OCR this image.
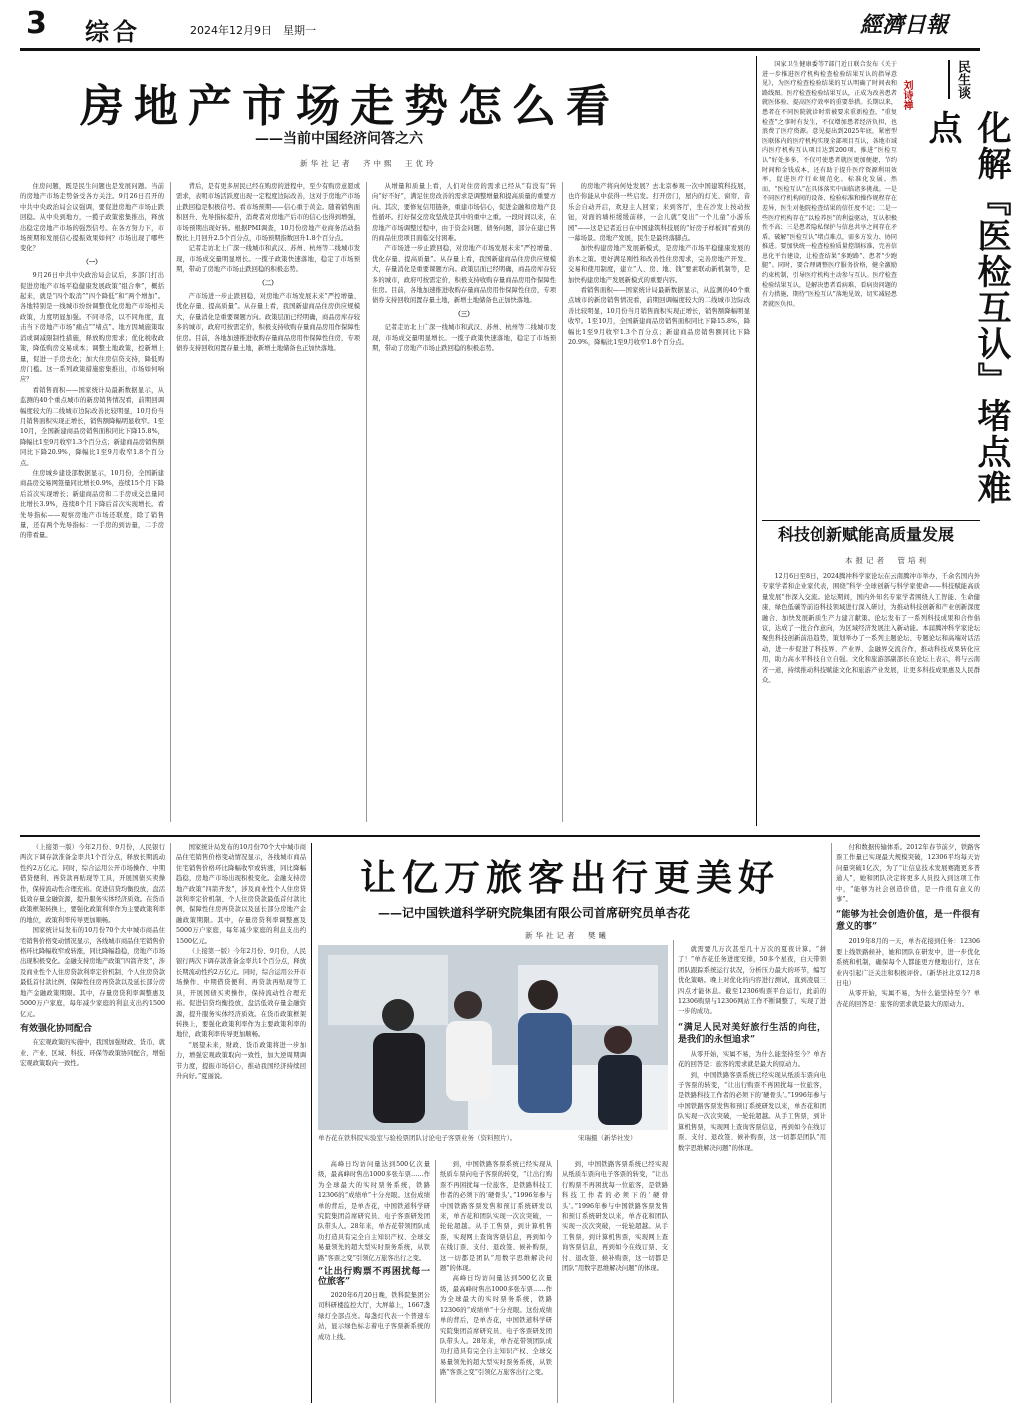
3 综合	2024年12月9日　星期一	經濟日報
房地产市场走势怎么看
——当前中国经济问答之六
新华社记者　齐中熙　王优玲

住房问题，既是民生问题也是发展问题。当前的房地产市场走势备受各方关注。9月26日召开的中共中央政治局会议强调，要促进房地产市场止跌回稳。从中央到地方，一揽子政策密集推出，释放出稳定房地产市场的强烈信号。在各方努力下，市场预期和发展信心提振效果如何？市场出现了哪些变化？

（一）

9月26日中共中央政治局会议后，多部门打出促进房地产市场平稳健康发展政策“组合拳”，概括起来，就是“四个取消”“四个降低”和“两个增加”。各地特别是一线城市纷纷调整优化房地产市场相关政策，力度明显加强。不同寻常，以不同角度，直击当下房地产市场“痛点”“堵点”。地方因城施策取消或调减限制性措施，释放购房需求；优化税收政策，降低购房交易成本；调整土地政策，控新增上量，促进一手房去化；加大住房信贷支持，降低购房门槛。这一系列政策措施密集推出，市场如何响应？

看销售面积——国家统计局最新数据显示，从监测的40个重点城市的新房销售情况看，前期回调幅度较大的二线城市边际改善比较明显，10月份当月销售面积实现正增长，销售额降幅明显收窄。1至10月，全国新建商品房销售面积同比下降15.8%，降幅比1至9月收窄1.3个百分点；新建商品房销售额同比下降20.9%，降幅比1至9月收窄1.8个百分点。

住房城乡建设部数据显示，10月份，全国新建商品房交易网签量同比增长0.9%，连续15个月下降后首次实现增长；新建商品房和二手房成交总量同比增长3.9%，连续8个月下降后首次实现增长。看先导指标——观察房地产市场还联度，除了销售量，还有两个先导指标：一手房的到访量，二手房的带看量。

背后，是有更多居民已经在购房的进程中，至少有购房意愿或需求，表明市场活跃度出现一定程度边际改善，这对于房地产市场止跌回稳是积极信号。看市场预期——信心重于黄金。随着销售面积回升、先导指标提升，消费者对房地产后市的信心也得到增强，市场预期出现好转。根据PMI调查，10月份房地产业商务活动指数比上月回升2.5个百分点，市场预期指数回升1.8个百分点。

记者走访北上广深一线城市和武汉、苏州、杭州等二线城市发现，市场成交量明显增长。一揽子政策快速落地，稳定了市场预期，带动了房地产市场止跌回稳的积极态势。

（二）

产市场进一步止跌回稳，对房地产市场发展未来“严控增量、优化存量、提高质量”。从存量上看，我国新建商品住房供应规模大，存量消化是重要课题方向。政策层面已经明确，商品房库存较多的城市，政府可按需定价，积极支持收购存量商品房用作保障性住房。目前，各地加速推进收购存量商品房用作保障性住房，专项债券支持回收闲置存量土地，新增土地储备也正加快落地。

从增量和质量上看，人们对住房的需求已经从“有没有”转向“好不好”，满足住房改善的需求是调整增量和提高质量的重要方向。其次，要修复信用链条，重建市场信心，促进金融和房地产良性循环。打好保交房攻坚战是其中的重中之重。一段时间以来，在房地产市场调整过程中，由于资金问题、债务问题，部分在建已售的商品住房项目面临交付困难。

产市场进一步止跌回稳，对房地产市场发展未来“严控增量、优化存量、提高质量”。从存量上看，我国新建商品住房供应规模大，存量消化是重要课题方向。政策层面已经明确，商品房库存较多的城市，政府可按需定价，积极支持收购存量商品房用作保障性住房。目前，各地加速推进收购存量商品房用作保障性住房，专项债券支持回收闲置存量土地，新增土地储备也正加快落地。

（三）

记者走访北上广深一线城市和武汉、苏州、杭州等二线城市发现，市场成交量明显增长。一揽子政策快速落地，稳定了市场预期，带动了房地产市场止跌回稳的积极态势。

的房地产将向何处发展？去北京参观一次中国建筑科技展，也许你能从中获得一些启发。打开房门，屋内的灯光、窗帘、音乐会自动开启，欢迎主人回家；来到客厅，坐在沙发上按动按钮，对面的墙柜缓缓前移，一会儿就“变出”一个儿童“小游乐园”——这是记者近日在中国建筑科技展的“好房子样板间”看到的一幕场景。房地产发展，民生是最终落脚点。

加快构建房地产发展新模式，是房地产市场平稳健康发展的治本之策。更好满足刚性和改善性住房需求，完善房地产开发、交易和使用制度，建立“人、房、地、钱”要素联动新机制等，是加快构建房地产发展新模式的重要内容。

看销售面积——国家统计局最新数据显示，从监测的40个重点城市的新房销售情况看，前期回调幅度较大的二线城市边际改善比较明显，10月份当月销售面积实现正增长，销售额降幅明显收窄。1至10月，全国新建商品房销售面积同比下降15.8%，降幅比1至9月收窄1.3个百分点；新建商品房销售额同比下降20.9%，降幅比1至9月收窄1.8个百分点。

国家卫生健康委等7部门近日联合发布《关于进一步推进医疗机构检查检验结果互认的指导意见》，为医疗检查检验结果的互认明确了时间表和路线图。医疗检查检验结果互认，正成为改善患者就医体验、提高医疗效率的重要举措。长期以来，患者在不同医院就诊时常被要求重新检查，“重复检查”之事时有发生，不仅增加患者经济负担，也浪费了医疗资源。意见提出到2025年底，紧密型医联体内的医疗机构实现全部项目互认，各地市域内医疗机构互认项目达到200项。推进“医检互认”好处多多，不仅可使患者就医更加便捷，节约时间和金钱成本，还有助于提升医疗资源利用效率，促进医疗行业规范化、标准化发展。然而，“医检互认”在具体落实中面临诸多挑战。一是不同医疗机构间的设备、检验标准和操作规程存在差异，医生对他院检查结果的信任度不足；二是一些医疗机构存在“以检养医”的利益驱动，互认积极性不高；三是患者隐私保护与信息共享之间存在矛盾。破解“医检互认”堵点难点，需多方发力、协同推进。要加快统一检查检验质量控制标准，完善信息化平台建设，让检查结果“多跑路”、患者“少跑腿”。同时，要合理调整医疗服务价格，健全激励约束机制，引导医疗机构主动参与互认。医疗检查检验结果互认，是解决患者看病难、看病贵问题的有力措施，期待“医检互认”落地见效，切实减轻患者就医负担。

刘诗禅	民生谈
化解『医检互认』堵点难点
科技创新赋能高质量发展
本报记者　管培利

12月6日至8日，2024腾冲科学家论坛在云南腾冲市举办，千余名国内外专家学者和企业家代表，围绕“科学·全球创新与科学家使命——科技赋能高质量发展”作深入交流。论坛期间，国内外知名专家学者围绕人工智能、生命健康、绿色低碳等前沿科技领域进行深入研讨，为推动科技创新和产业创新深度融合、加快发展新质生产力建言献策。论坛发布了一系列科技成果和合作倡议，达成了一批合作意向，为区域经济发展注入新动能。本届腾冲科学家论坛聚焦科技创新前沿趋势，策划举办了一系列主题论坛、专题论坛和高端对话活动，进一步促进了科技界、产业界、金融界交流合作，推动科技成果转化应用，助力高水平科技自立自强。文化和旅游部副部长在论坛上表示，将与云南省一道，持续推动科技赋能文化和旅游产业发展，让更多科技成果惠及人民群众。

（上接第一版）今年2月份、9月份，人民银行两次下调存款准备金率共1个百分点，释放长期流动性约2万亿元。同时，综合运用公开市场操作、中期借贷便利、再贷款再贴现等工具，开展国债买卖操作，保持流动性合理充裕。促进信贷均衡投放，盘活低效存量金融资源，提升服务实体经济质效。在货币政策框架转换上，要强化政策利率作为主要政策利率的地位，政策利率传导更加顺畅。

国家统计局发布的10月份70个大中城市商品住宅销售价格变动情况显示，各线城市商品住宅销售价格环比降幅收窄或转涨，同比降幅趋稳，房地产市场出现积极变化。金融支持房地产政策“四箭齐发”，涉及商业性个人住房贷款利率定价机制、个人住房贷款最低首付款比例、保障性住房再贷款以及延长部分房地产金融政策期限。其中，存量房贷利率调整惠及5000万户家庭，每年减少家庭的利息支出约1500亿元。

有效强化协同配合

在宏观政策的实施中，我国加强财政、货币、就业、产业、区域、科技、环保等政策协同配合，增强宏观政策取向一致性。

国家统计局发布的10月份70个大中城市商品住宅销售价格变动情况显示，各线城市商品住宅销售价格环比降幅收窄或转涨，同比降幅趋稳，房地产市场出现积极变化。金融支持房地产政策“四箭齐发”，涉及商业性个人住房贷款利率定价机制、个人住房贷款最低首付款比例、保障性住房再贷款以及延长部分房地产金融政策期限。其中，存量房贷利率调整惠及5000万户家庭，每年减少家庭的利息支出约1500亿元。

（上接第一版）今年2月份、9月份，人民银行两次下调存款准备金率共1个百分点，释放长期流动性约2万亿元。同时，综合运用公开市场操作、中期借贷便利、再贷款再贴现等工具，开展国债买卖操作，保持流动性合理充裕。促进信贷均衡投放，盘活低效存量金融资源，提升服务实体经济质效。在货币政策框架转换上，要强化政策利率作为主要政策利率的地位，政策利率传导更加顺畅。

“展望未来，财政、货币政策将进一步加力，增强宏观政策取向一致性，加大逆周期调节力度，提振市场信心，推动我国经济持续回升向好。”夏丽说。

让亿万旅客出行更美好
——记中国铁道科学研究院集团有限公司首席研究员单杏花
新华社记者　樊曦
单杏花在铁科院实验室与验检票团队讨论电子客票业务（资料照片）。　　　　　　　　　　宋瑞摄（新华社发）

高峰日均访问量达到500亿次量级，最高峰时售出1000多张车票……作为全球最大的实时票务系统，铁路12306的“成绩单”十分亮眼。这份成绩单的背后，是单杏花，中国铁道科学研究院集团首席研究员、电子客票研发团队带头人。28年来，单杏花带领团队成功打造具有完全自主知识产权、全球交易量领先的超大型实时票务系统，从铁路“客票之变”引领亿万旅客出行之变。

“让出行购票不再困扰每一位旅客”

2020年6月20日晚，铁科院集团公司科研楼监控大厅，大屏幕上，1667盏绿灯全部点亮。每盏灯代表一个普速车站，显示绿色标志着电子客票新系统的成功上线。

到，中国铁路客票系统已经实现从纸质车票向电子客票的转变，“让出行购票不再困扰每一位旅客，是铁路科技工作者的必须下的‘硬骨头’。”1996年参与中国铁路客票发售和预订系统研发以来，单杏花和团队实现一次次突破，一轮轮超越。从手工售票，到计算机售票，实现网上查询客票信息，再到如今在线订票、支付、退改签、候补购票，这一切都是团队“用数字思维解决问题”的体现。

高峰日均访问量达到500亿次量级，最高峰时售出1000多张车票……作为全球最大的实时票务系统，铁路12306的“成绩单”十分亮眼。这份成绩单的背后，是单杏花，中国铁道科学研究院集团首席研究员、电子客票研发团队带头人。28年来，单杏花带领团队成功打造具有完全自主知识产权、全球交易量领先的超大型实时票务系统，从铁路“客票之变”引领亿万旅客出行之变。

到，中国铁路客票系统已经实现从纸质车票向电子客票的转变，“让出行购票不再困扰每一位旅客，是铁路科技工作者的必须下的‘硬骨头’。”1996年参与中国铁路客票发售和预订系统研发以来，单杏花和团队实现一次次突破，一轮轮超越。从手工售票，到计算机售票，实现网上查询客票信息，再到如今在线订票、支付、退改签、候补购票，这一切都是团队“用数字思维解决问题”的体现。

就需要几万次甚至几十万次的夏夜计算。“拼了！”单杏花任务进度安排，50多个星夜，白天带领团队跟踪系统运行状况，分析压力最大的环节，编写优化策略。晚上对优化的内容进行测试，直到凌晨三四点才能休息。截至12306购票平台运行，此前的12306购票与12306网站工作不断调整了，实现了进一步的成功。

“满足人民对美好旅行生活的向往，是我们的永恒追求”

从零开始，实属不易，为什么能坚持至今？单杏花的回答是：旅客的需求就是最大的原动力。

到，中国铁路客票系统已经实现从纸质车票向电子客票的转变，“让出行购票不再困扰每一位旅客，是铁路科技工作者的必须下的‘硬骨头’。”1996年参与中国铁路客票发售和预订系统研发以来，单杏花和团队实现一次次突破，一轮轮超越。从手工售票，到计算机售票，实现网上查询客票信息，再到如今在线订票、支付、退改签、候补购票，这一切都是团队“用数字思维解决问题”的体现。

付和数据传输体系。2012年春节前夕，铁路客票工作量已实现最大规模突破，12306平均每天访问量突破1亿次，为了“让信息技术发展赛跑更多普通人”，她和团队决定将更多人员投入到这项工作中，“能够为社会创造价值，是一件很有意义的事”。

“能够为社会创造价值，是一件很有意义的事”

2019年8月的一天，单杏花接到任务：12306要上线铁路候补，她和团队在研发中，进一步优化系统和机制，确保每个人都能更方便地出行，这在业内引起广泛关注和积极评价。（新华社北京12月8日电）

从零开始，实属不易，为什么能坚持至今？单杏花的回答是：旅客的需求就是最大的原动力。
